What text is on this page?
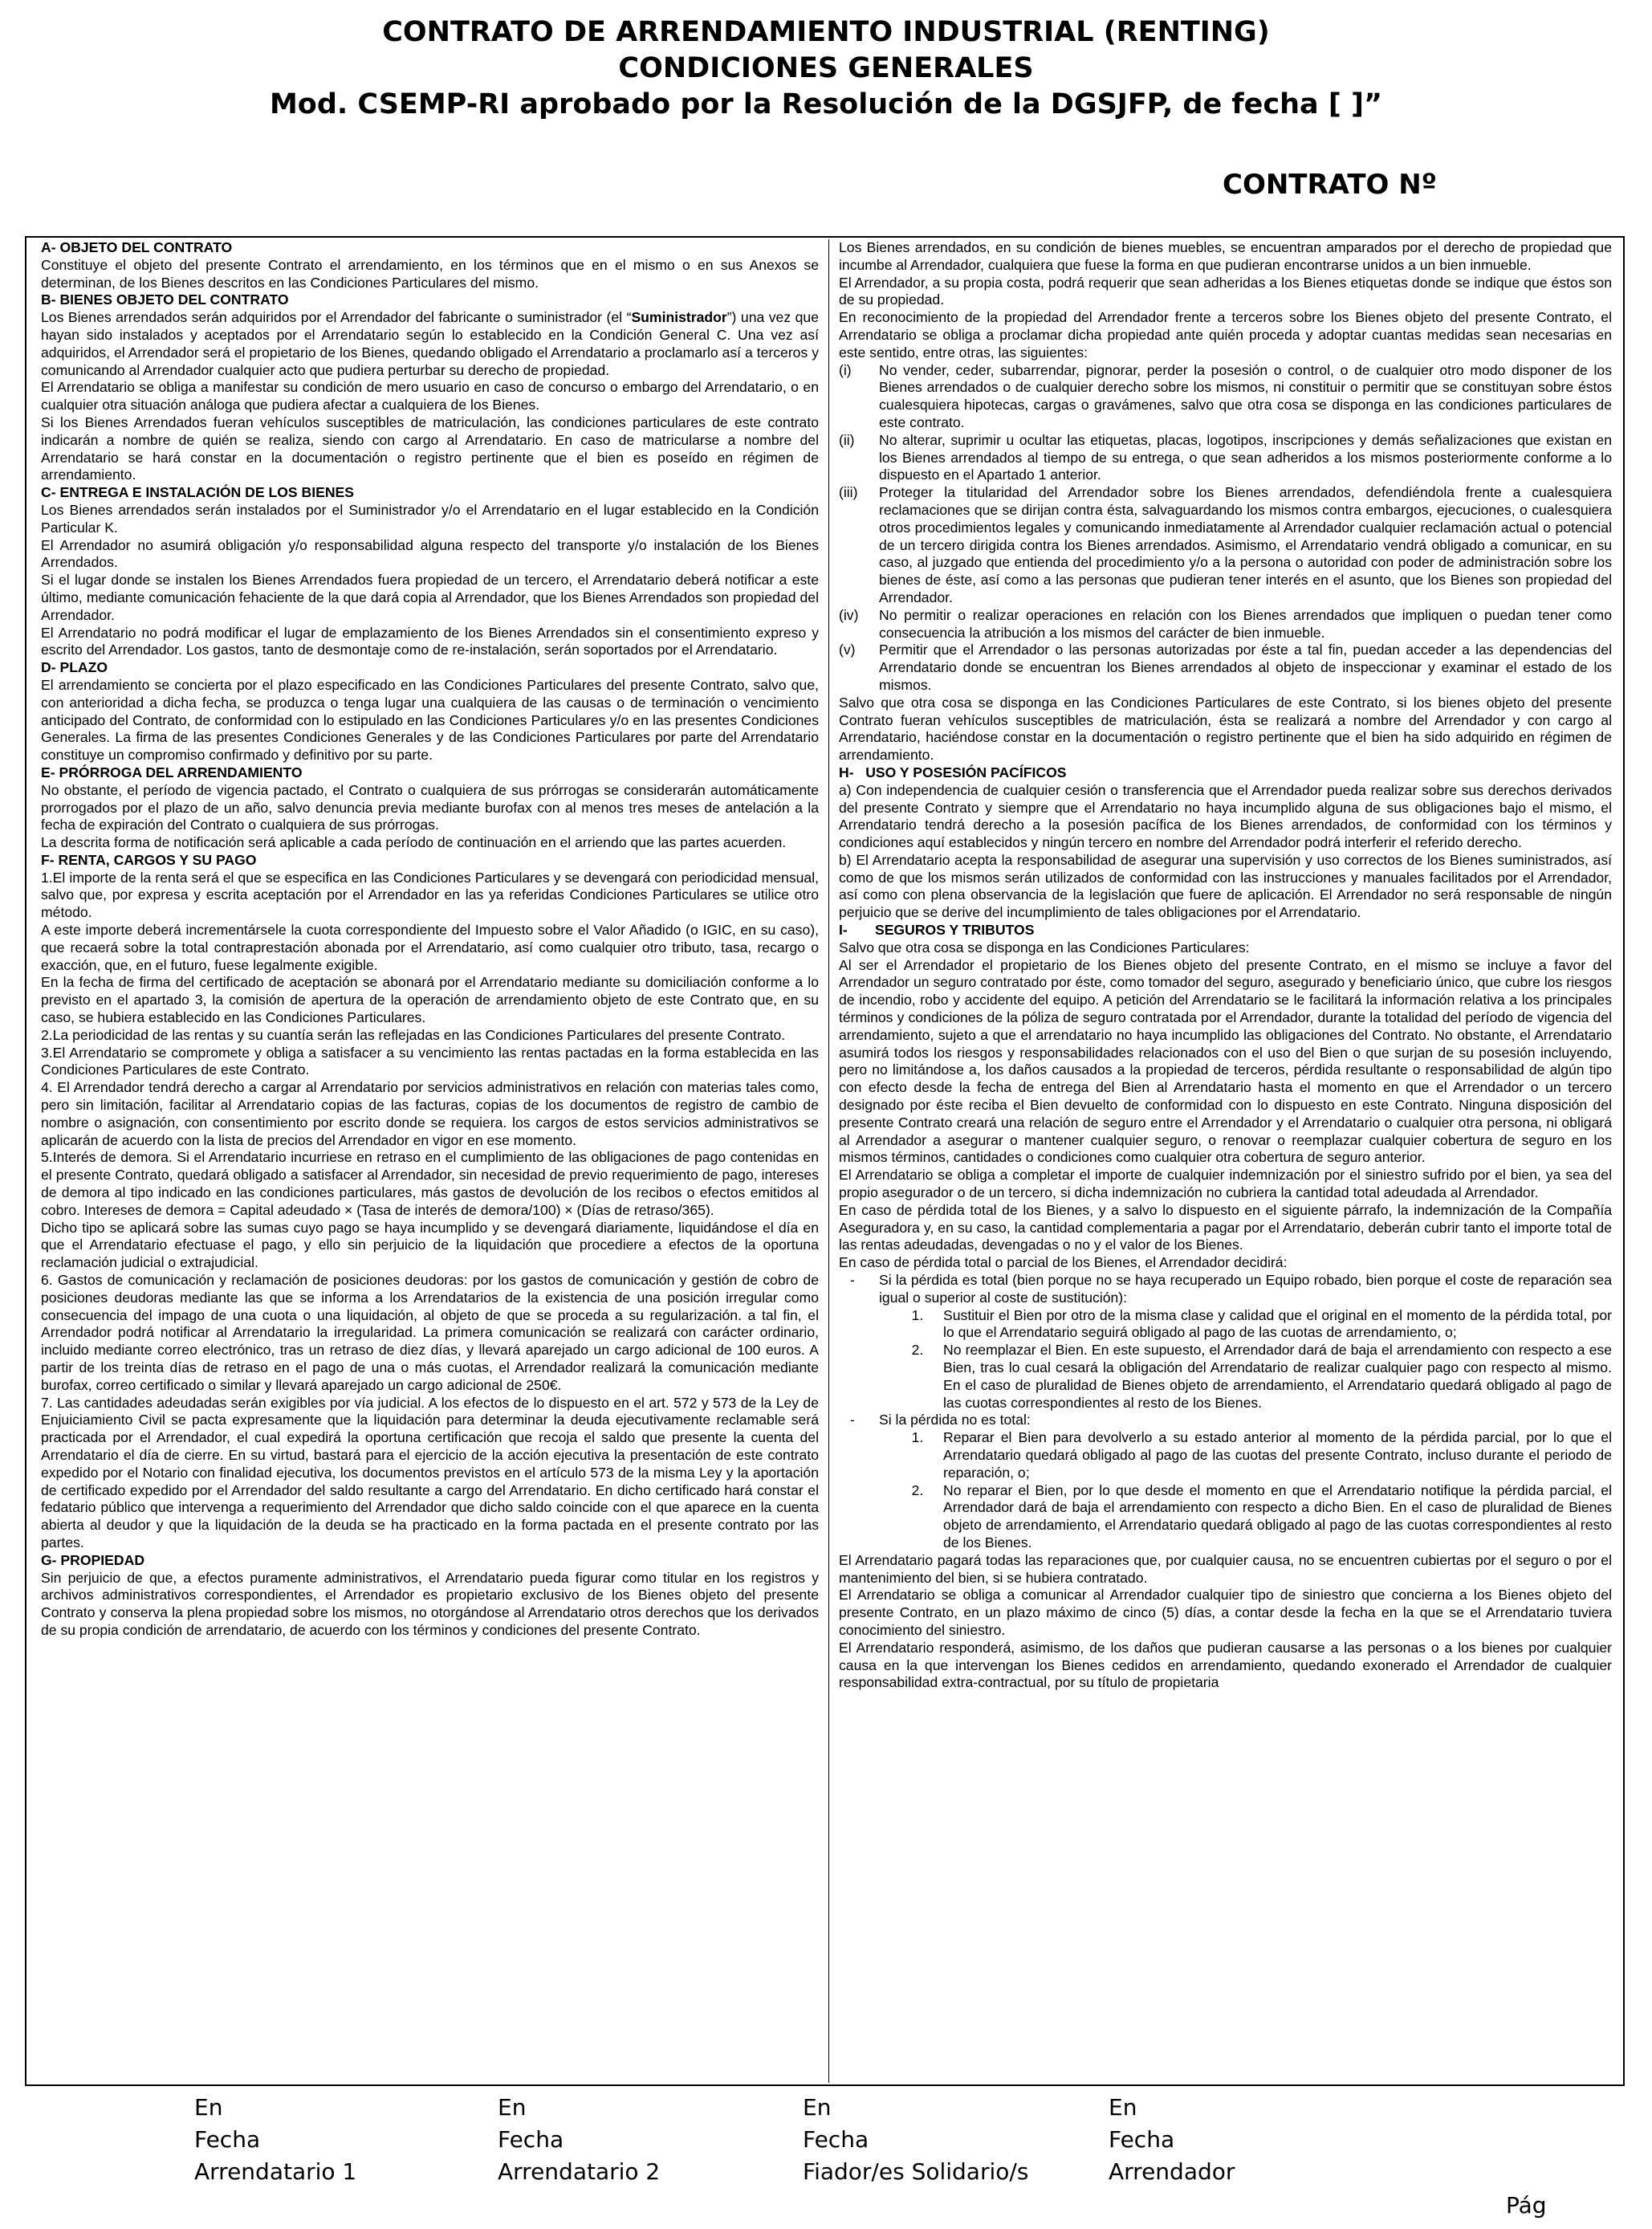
CONTRATO DE ARRENDAMIENTO INDUSTRIAL (RENTING)
CONDICIONES GENERALES
Mod. CSEMP-RI aprobado por la Resolución de la DGSJFP, de fecha [ ]”
CONTRATO Nº

A- OBJETO DEL CONTRATO

Constituye el objeto del presente Contrato el arrendamiento, en los términos que en el mismo o en sus Anexos se determinan, de los Bienes descritos en las Condiciones Particulares del mismo.

B- BIENES OBJETO DEL CONTRATO

Los Bienes arrendados serán adquiridos por el Arrendador del fabricante o suministrador (el “Suministrador”) una vez que hayan sido instalados y aceptados por el Arrendatario según lo establecido en la Condición General C. Una vez así adquiridos, el Arrendador será el propietario de los Bienes, quedando obligado el Arrendatario a proclamarlo así a terceros y comunicando al Arrendador cualquier acto que pudiera perturbar su derecho de propiedad.

El Arrendatario se obliga a manifestar su condición de mero usuario en caso de concurso o embargo del Arrendatario, o en cualquier otra situación análoga que pudiera afectar a cualquiera de los Bienes.

Si los Bienes Arrendados fueran vehículos susceptibles de matriculación, las condiciones particulares de este contrato indicarán a nombre de quién se realiza, siendo con cargo al Arrendatario. En caso de matricularse a nombre del Arrendatario se hará constar en la documentación o registro pertinente que el bien es poseído en régimen de arrendamiento.

C- ENTREGA E INSTALACIÓN DE LOS BIENES

Los Bienes arrendados serán instalados por el Suministrador y/o el Arrendatario en el lugar establecido en la Condición Particular K.

El Arrendador no asumirá obligación y/o responsabilidad alguna respecto del transporte y/o instalación de los Bienes Arrendados.

Si el lugar donde se instalen los Bienes Arrendados fuera propiedad de un tercero, el Arrendatario deberá notificar a este último, mediante comunicación fehaciente de la que dará copia al Arrendador, que los Bienes Arrendados son propiedad del Arrendador.

El Arrendatario no podrá modificar el lugar de emplazamiento de los Bienes Arrendados sin el consentimiento expreso y escrito del Arrendador. Los gastos, tanto de desmontaje como de re-instalación, serán soportados por el Arrendatario.

D- PLAZO

El arrendamiento se concierta por el plazo especificado en las Condiciones Particulares del presente Contrato, salvo que, con anterioridad a dicha fecha, se produzca o tenga lugar una cualquiera de las causas o de terminación o vencimiento anticipado del Contrato, de conformidad con lo estipulado en las Condiciones Particulares y/o en las presentes Condiciones Generales. La firma de las presentes Condiciones Generales y de las Condiciones Particulares por parte del Arrendatario constituye un compromiso confirmado y definitivo por su parte.

E- PRÓRROGA DEL ARRENDAMIENTO

No obstante, el período de vigencia pactado, el Contrato o cualquiera de sus prórrogas se considerarán automáticamente prorrogados por el plazo de un año, salvo denuncia previa mediante burofax con al menos tres meses de antelación a la fecha de expiración del Contrato o cualquiera de sus prórrogas.

La descrita forma de notificación será aplicable a cada período de continuación en el arriendo que las partes acuerden.

F- RENTA, CARGOS Y SU PAGO

1.El importe de la renta será el que se especifica en las Condiciones Particulares y se devengará con periodicidad mensual, salvo que, por expresa y escrita aceptación por el Arrendador en las ya referidas Condiciones Particulares se utilice otro método.

A este importe deberá incrementársele la cuota correspondiente del Impuesto sobre el Valor Añadido (o IGIC, en su caso), que recaerá sobre la total contraprestación abonada por el Arrendatario, así como cualquier otro tributo, tasa, recargo o exacción, que, en el futuro, fuese legalmente exigible.

En la fecha de firma del certificado de aceptación se abonará por el Arrendatario mediante su domiciliación conforme a lo previsto en el apartado 3, la comisión de apertura de la operación de arrendamiento objeto de este Contrato que, en su caso, se hubiera establecido en las Condiciones Particulares.

2.La periodicidad de las rentas y su cuantía serán las reflejadas en las Condiciones Particulares del presente Contrato.

3.El Arrendatario se compromete y obliga a satisfacer a su vencimiento las rentas pactadas en la forma establecida en las Condiciones Particulares de este Contrato.

4. El Arrendador tendrá derecho a cargar al Arrendatario por servicios administrativos en relación con materias tales como, pero sin limitación, facilitar al Arrendatario copias de las facturas, copias de los documentos de registro de cambio de nombre o asignación, con consentimiento por escrito donde se requiera. los cargos de estos servicios administrativos se aplicarán de acuerdo con la lista de precios del Arrendador en vigor en ese momento.

5.Interés de demora. Si el Arrendatario incurriese en retraso en el cumplimiento de las obligaciones de pago contenidas en el presente Contrato, quedará obligado a satisfacer al Arrendador, sin necesidad de previo requerimiento de pago, intereses de demora al tipo indicado en las condiciones particulares, más gastos de devolución de los recibos o efectos emitidos al cobro. Intereses de demora = Capital adeudado × (Tasa de interés de demora/100) × (Días de retraso/365).

Dicho tipo se aplicará sobre las sumas cuyo pago se haya incumplido y se devengará diariamente, liquidándose el día en que el Arrendatario efectuase el pago, y ello sin perjuicio de la liquidación que procediere a efectos de la oportuna reclamación judicial o extrajudicial.

6. Gastos de comunicación y reclamación de posiciones deudoras: por los gastos de comunicación y gestión de cobro de posiciones deudoras mediante las que se informa a los Arrendatarios de la existencia de una posición irregular como consecuencia del impago de una cuota o una liquidación, al objeto de que se proceda a su regularización. a tal fin, el Arrendador podrá notificar al Arrendatario la irregularidad. La primera comunicación se realizará con carácter ordinario, incluido mediante correo electrónico, tras un retraso de diez días, y llevará aparejado un cargo adicional de 100 euros. A partir de los treinta días de retraso en el pago de una o más cuotas, el Arrendador realizará la comunicación mediante burofax, correo certificado o similar y llevará aparejado un cargo adicional de 250€.

7. Las cantidades adeudadas serán exigibles por vía judicial. A los efectos de lo dispuesto en el art. 572 y 573 de la Ley de Enjuiciamiento Civil se pacta expresamente que la liquidación para determinar la deuda ejecutivamente reclamable será practicada por el Arrendador, el cual expedirá la oportuna certificación que recoja el saldo que presente la cuenta del Arrendatario el día de cierre. En su virtud, bastará para el ejercicio de la acción ejecutiva la presentación de este contrato expedido por el Notario con finalidad ejecutiva, los documentos previstos en el artículo 573 de la misma Ley y la aportación de certificado expedido por el Arrendador del saldo resultante a cargo del Arrendatario. En dicho certificado hará constar el fedatario público que intervenga a requerimiento del Arrendador que dicho saldo coincide con el que aparece en la cuenta abierta al deudor y que la liquidación de la deuda se ha practicado en la forma pactada en el presente contrato por las partes.

G- PROPIEDAD

Sin perjuicio de que, a efectos puramente administrativos, el Arrendatario pueda figurar como titular en los registros y archivos administrativos correspondientes, el Arrendador es propietario exclusivo de los Bienes objeto del presente Contrato y conserva la plena propiedad sobre los mismos, no otorgándose al Arrendatario otros derechos que los derivados de su propia condición de arrendatario, de acuerdo con los términos y condiciones del presente Contrato.

Los Bienes arrendados, en su condición de bienes muebles, se encuentran amparados por el derecho de propiedad que incumbe al Arrendador, cualquiera que fuese la forma en que pudieran encontrarse unidos a un bien inmueble.

El Arrendador, a su propia costa, podrá requerir que sean adheridas a los Bienes etiquetas donde se indique que éstos son de su propiedad.

En reconocimiento de la propiedad del Arrendador frente a terceros sobre los Bienes objeto del presente Contrato, el Arrendatario se obliga a proclamar dicha propiedad ante quién proceda y adoptar cuantas medidas sean necesarias en este sentido, entre otras, las siguientes:

(i)	No vender, ceder, subarrendar, pignorar, perder la posesión o control, o de cualquier otro modo disponer de los Bienes arrendados o de cualquier derecho sobre los mismos, ni constituir o permitir que se constituyan sobre éstos cualesquiera hipotecas, cargas o gravámenes, salvo que otra cosa se disponga en las condiciones particulares de este contrato.
(ii)	No alterar, suprimir u ocultar las etiquetas, placas, logotipos, inscripciones y demás señalizaciones que existan en los Bienes arrendados al tiempo de su entrega, o que sean adheridos a los mismos posteriormente conforme a lo dispuesto en el Apartado 1 anterior.
(iii)	Proteger la titularidad del Arrendador sobre los Bienes arrendados, defendiéndola frente a cualesquiera reclamaciones que se dirijan contra ésta, salvaguardando los mismos contra embargos, ejecuciones, o cualesquiera otros procedimientos legales y comunicando inmediatamente al Arrendador cualquier reclamación actual o potencial de un tercero dirigida contra los Bienes arrendados. Asimismo, el Arrendatario vendrá obligado a comunicar, en su caso, al juzgado que entienda del procedimiento y/o a la persona o autoridad con poder de administración sobre los bienes de éste, así como a las personas que pudieran tener interés en el asunto, que los Bienes son propiedad del Arrendador.
(iv)	No permitir o realizar operaciones en relación con los Bienes arrendados que impliquen o puedan tener como consecuencia la atribución a los mismos del carácter de bien inmueble.
(v)	Permitir que el Arrendador o las personas autorizadas por éste a tal fin, puedan acceder a las dependencias del Arrendatario donde se encuentran los Bienes arrendados al objeto de inspeccionar y examinar el estado de los mismos.

Salvo que otra cosa se disponga en las Condiciones Particulares de este Contrato, si los bienes objeto del presente Contrato fueran vehículos susceptibles de matriculación, ésta se realizará a nombre del Arrendador y con cargo al Arrendatario, haciéndose constar en la documentación o registro pertinente que el bien ha sido adquirido en régimen de arrendamiento.

H-   USO Y POSESIÓN PACÍFICOS

a) Con independencia de cualquier cesión o transferencia que el Arrendador pueda realizar sobre sus derechos derivados del presente Contrato y siempre que el Arrendatario no haya incumplido alguna de sus obligaciones bajo el mismo, el Arrendatario tendrá derecho a la posesión pacífica de los Bienes arrendados, de conformidad con los términos y condiciones aquí establecidos y ningún tercero en nombre del Arrendador podrá interferir el referido derecho.

b) El Arrendatario acepta la responsabilidad de asegurar una supervisión y uso correctos de los Bienes suministrados, así como de que los mismos serán utilizados de conformidad con las instrucciones y manuales facilitados por el Arrendador, así como con plena observancia de la legislación que fuere de aplicación. El Arrendador no será responsable de ningún perjuicio que se derive del incumplimiento de tales obligaciones por el Arrendatario.

I-       SEGUROS Y TRIBUTOS

Salvo que otra cosa se disponga en las Condiciones Particulares:

Al ser el Arrendador el propietario de los Bienes objeto del presente Contrato, en el mismo se incluye a favor del Arrendador un seguro contratado por éste, como tomador del seguro, asegurado y beneficiario único, que cubre los riesgos de incendio, robo y accidente del equipo. A petición del Arrendatario se le facilitará la información relativa a los principales términos y condiciones de la póliza de seguro contratada por el Arrendador, durante la totalidad del período de vigencia del arrendamiento, sujeto a que el arrendatario no haya incumplido las obligaciones del Contrato. No obstante, el Arrendatario asumirá todos los riesgos y responsabilidades relacionados con el uso del Bien o que surjan de su posesión incluyendo, pero no limitándose a, los daños causados a la propiedad de terceros, pérdida resultante o responsabilidad de algún tipo con efecto desde la fecha de entrega del Bien al Arrendatario hasta el momento en que el Arrendador o un tercero designado por éste reciba el Bien devuelto de conformidad con lo dispuesto en este Contrato. Ninguna disposición del presente Contrato creará una relación de seguro entre el Arrendador y el Arrendatario o cualquier otra persona, ni obligará al Arrendador a asegurar o mantener cualquier seguro, o renovar o reemplazar cualquier cobertura de seguro en los mismos términos, cantidades o condiciones como cualquier otra cobertura de seguro anterior.

El Arrendatario se obliga a completar el importe de cualquier indemnización por el siniestro sufrido por el bien, ya sea del propio asegurador o de un tercero, si dicha indemnización no cubriera la cantidad total adeudada al Arrendador.

En caso de pérdida total de los Bienes, y a salvo lo dispuesto en el siguiente párrafo, la indemnización de la Compañía Aseguradora y, en su caso, la cantidad complementaria a pagar por el Arrendatario, deberán cubrir tanto el importe total de las rentas adeudadas, devengadas o no y el valor de los Bienes.

En caso de pérdida total o parcial de los Bienes, el Arrendador decidirá:

-	Si la pérdida es total (bien porque no se haya recuperado un Equipo robado, bien porque el coste de reparación sea igual o superior al coste de sustitución):
1.	Sustituir el Bien por otro de la misma clase y calidad que el original en el momento de la pérdida total, por lo que el Arrendatario seguirá obligado al pago de las cuotas de arrendamiento, o;
2.	No reemplazar el Bien. En este supuesto, el Arrendador dará de baja el arrendamiento con respecto a ese Bien, tras lo cual cesará la obligación del Arrendatario de realizar cualquier pago con respecto al mismo. En el caso de pluralidad de Bienes objeto de arrendamiento, el Arrendatario quedará obligado al pago de las cuotas correspondientes al resto de los Bienes.
-	Si la pérdida no es total:
1.	Reparar el Bien para devolverlo a su estado anterior al momento de la pérdida parcial, por lo que el Arrendatario quedará obligado al pago de las cuotas del presente Contrato, incluso durante el periodo de reparación, o;
2.	No reparar el Bien, por lo que desde el momento en que el Arrendatario notifique la pérdida parcial, el Arrendador dará de baja el arrendamiento con respecto a dicho Bien. En el caso de pluralidad de Bienes objeto de arrendamiento, el Arrendatario quedará obligado al pago de las cuotas correspondientes al resto de los Bienes.

El Arrendatario pagará todas las reparaciones que, por cualquier causa, no se encuentren cubiertas por el seguro o por el mantenimiento del bien, si se hubiera contratado.

El Arrendatario se obliga a comunicar al Arrendador cualquier tipo de siniestro que concierna a los Bienes objeto del presente Contrato, en un plazo máximo de cinco (5) días, a contar desde la fecha en la que se el Arrendatario tuviera conocimiento del siniestro.

El Arrendatario responderá, asimismo, de los daños que pudieran causarse a las personas o a los bienes por cualquier causa en la que intervengan los Bienes cedidos en arrendamiento, quedando exonerado el Arrendador de cualquier responsabilidad extra-contractual, por su título de propietaria

En
Fecha
Arrendatario 1
En
Fecha
Arrendatario 2
En
Fecha
Fiador/es Solidario/s
En
Fecha
Arrendador
Pág
